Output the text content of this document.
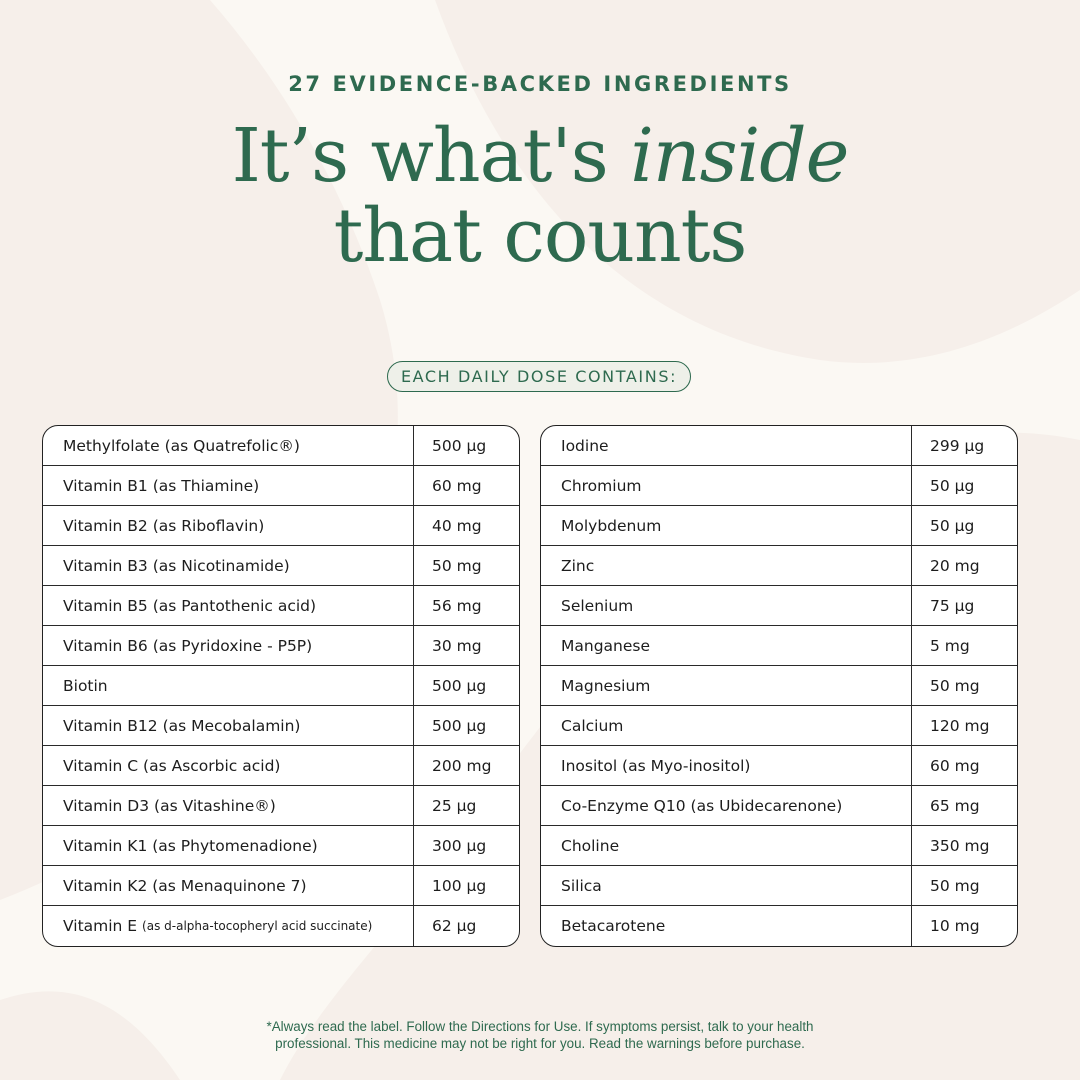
27 EVIDENCE-BACKED INGREDIENTS
It’s what's inside
that counts
EACH DAILY DOSE CONTAINS:
Methylfolate (as Quatrefolic®)	500 µg
Vitamin B1 (as Thiamine)	60 mg
Vitamin B2 (as Riboflavin)	40 mg
Vitamin B3 (as Nicotinamide)	50 mg
Vitamin B5 (as Pantothenic acid)	56 mg
Vitamin B6 (as Pyridoxine - P5P)	30 mg
Biotin	500 µg
Vitamin B12 (as Mecobalamin)	500 µg
Vitamin C (as Ascorbic acid)	200 mg
Vitamin D3 (as Vitashine®)	25 µg
Vitamin K1 (as Phytomenadione)	300 µg
Vitamin K2 (as Menaquinone 7)	100 µg
Vitamin E
(as d-alpha-tocopheryl acid succinate)	62 µg
Iodine	299 µg
Chromium	50 µg
Molybdenum	50 µg
Zinc	20 mg
Selenium	75 µg
Manganese	5 mg
Magnesium	50 mg
Calcium	120 mg
Inositol (as Myo-inositol)	60 mg
Co-Enzyme Q10 (as Ubidecarenone)	65 mg
Choline	350 mg
Silica	50 mg
Betacarotene	10 mg
*Always read the label. Follow the Directions for Use. If symptoms persist, talk to your health
professional. This medicine may not be right for you. Read the warnings before purchase.
